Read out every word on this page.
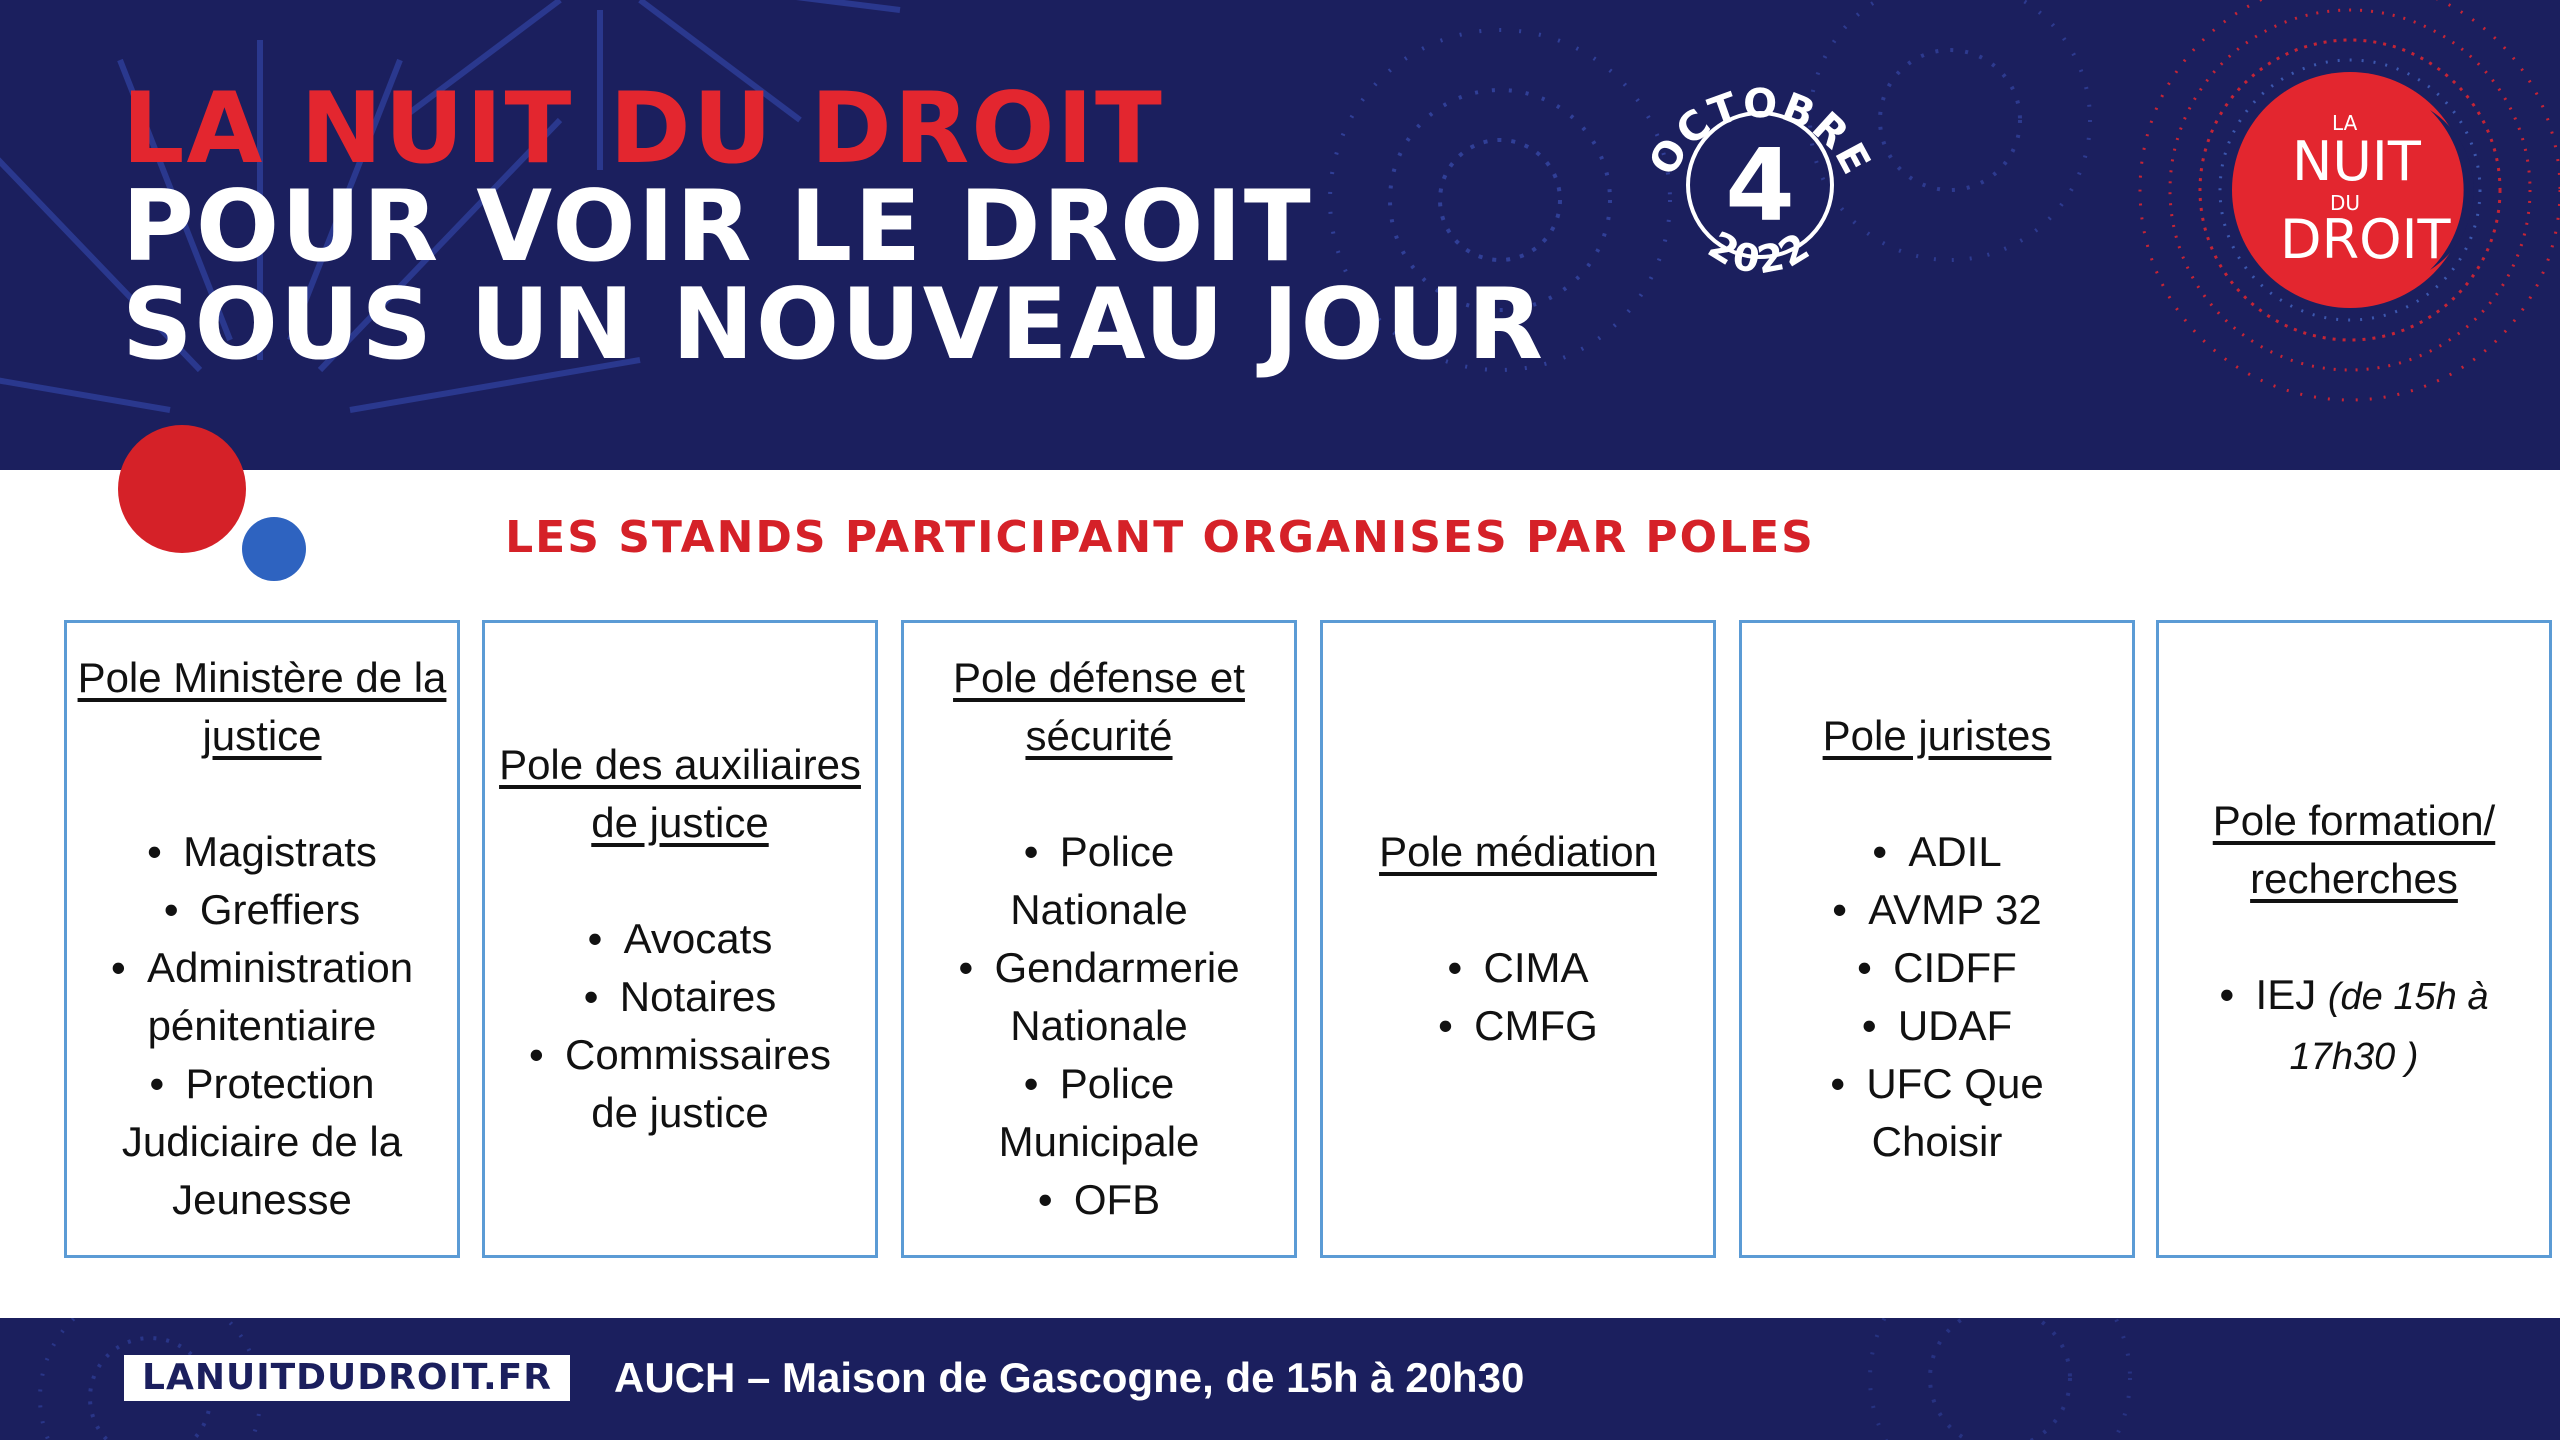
LA NUIT DU DROIT
POUR VOIR LE DROIT
SOUS UN NOUVEAU JOUR
OCTOBRE
4
2022
LA
NUIT
DU
DROIT
LES STANDS PARTICIPANT ORGANISES PAR POLES
Pole Ministère de la justice
• Magistrats
• Greffiers
• Administration pénitentiaire
• Protection Judiciaire de la Jeunesse
Pole des auxiliaires de justice
• Avocats
• Notaires
• Commissaires de justice
Pole défense et sécurité
• Police Nationale
• Gendarmerie Nationale
• Police Municipale
• OFB
Pole médiation
• CIMA
• CMFG
Pole juristes
• ADIL
• AVMP 32
• CIDFF
• UDAF
• UFC Que Choisir
Pole formation/ recherches
• IEJ (de 15h à 17h30 )
LANUITDUDROIT.FR	AUCH – Maison de Gascogne, de 15h à 20h30
